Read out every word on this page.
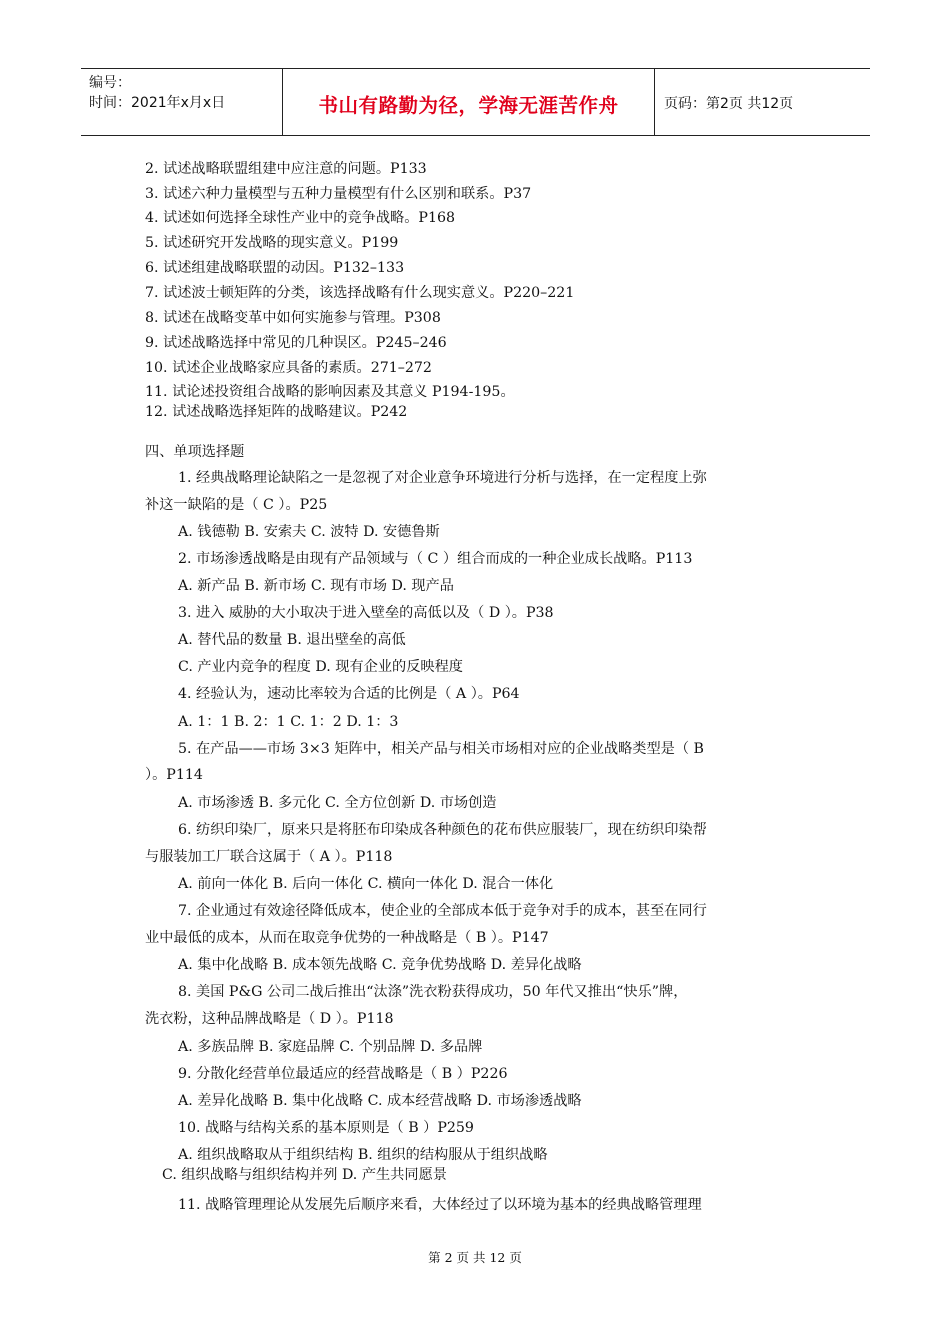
编号：
时间：2021年x月x日	书山有路勤为径，学海无涯苦作舟	页码：第2页 共12页
2. 试述战略联盟组建中应注意的问题。P133
3. 试述六种力量模型与五种力量模型有什么区别和联系。P37
4. 试述如何选择全球性产业中的竞争战略。P168
5. 试述研究开发战略的现实意义。P199
6. 试述组建战略联盟的动因。P132–133
7. 试述波士顿矩阵的分类，该选择战略有什么现实意义。P220–221
8. 试述在战略变革中如何实施参与管理。P308
9. 试述战略选择中常见的几种误区。P245–246
10. 试述企业战略家应具备的素质。271–272
11. 试论述投资组合战略的影响因素及其意义 P194-195。
12. 试述战略选择矩阵的战略建议。P242
四、单项选择题
1. 经典战略理论缺陷之一是忽视了对企业意争环境进行分析与选择，在一定程度上弥
补这一缺陷的是（ C ）。P25
A. 钱德勒 B. 安索夫 C. 波特 D. 安德鲁斯
2. 市场渗透战略是由现有产品领域与（ C ）组合而成的一种企业成长战略。P113
A. 新产品 B. 新市场 C. 现有市场 D. 现产品
3. 进入 威胁的大小取决于进入壁垒的高低以及（ D ）。P38
A. 替代品的数量 B. 退出壁垒的高低
C. 产业内竞争的程度 D. 现有企业的反映程度
4. 经验认为，速动比率较为合适的比例是（ A ）。P64
A. 1：1 B. 2：1 C. 1：2 D. 1：3
5. 在产品——市场 3×3 矩阵中，相关产品与相关市场相对应的企业战略类型是（ B
）。P114
A. 市场渗透 B. 多元化 C. 全方位创新 D. 市场创造
6. 纺织印染厂，原来只是将胚布印染成各种颜色的花布供应服装厂，现在纺织印染帮
与服装加工厂联合这属于（ A ）。P118
A. 前向一体化 B. 后向一体化 C. 横向一体化 D. 混合一体化
7. 企业通过有效途径降低成本，使企业的全部成本低于竞争对手的成本，甚至在同行
业中最低的成本，从而在取竞争优势的一种战略是（ B ）。P147
A. 集中化战略 B. 成本领先战略 C. 竞争优势战略 D. 差异化战略
8. 美国 P&G 公司二战后推出“汰涤”洗衣粉获得成功，50 年代又推出“快乐”牌，
洗衣粉，这种品牌战略是（ D ）。P118
A. 多族品牌 B. 家庭品牌 C. 个别品牌 D. 多品牌
9. 分散化经营单位最适应的经营战略是（ B ）P226
A. 差异化战略 B. 集中化战略 C. 成本经营战略 D. 市场渗透战略
10. 战略与结构关系的基本原则是（ B ）P259
A. 组织战略取从于组织结构 B. 组织的结构服从于组织战略
C. 组织战略与组织结构并列 D. 产生共同愿景
11. 战略管理理论从发展先后顺序来看，大体经过了以环境为基本的经典战略管理理
第 2 页 共 12 页
